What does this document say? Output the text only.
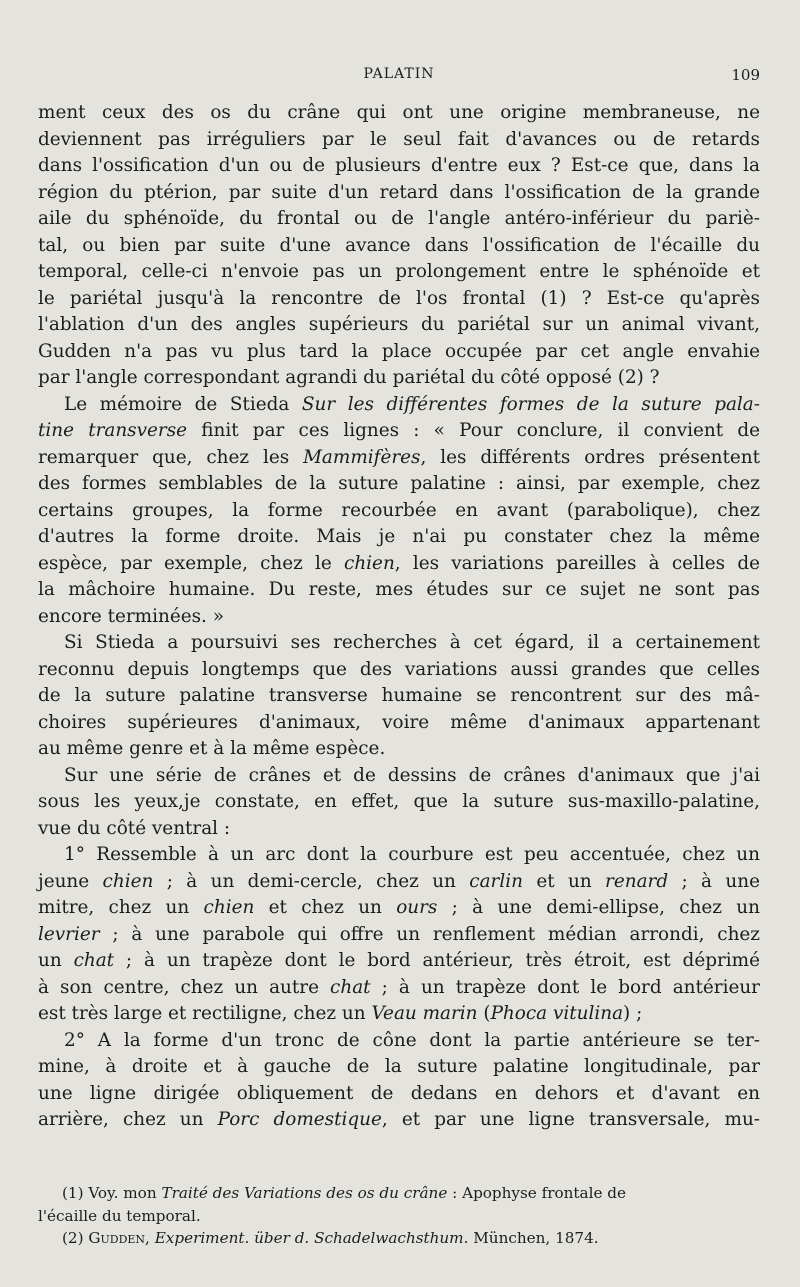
PALATIN	109
ment ceux des os du crâne qui ont une origine membraneuse, ne
deviennent pas irréguliers par le seul fait d'avances ou de retards
dans l'ossification d'un ou de plusieurs d'entre eux ? Est-ce que, dans la
région du ptérion, par suite d'un retard dans l'ossification de la grande
aile du sphénoïde, du frontal ou de l'angle antéro-inférieur du pariè-
tal, ou bien par suite d'une avance dans l'ossification de l'écaille du
temporal, celle-ci n'envoie pas un prolongement entre le sphénoïde et
le pariétal jusqu'à la rencontre de l'os frontal (1) ? Est-ce qu'après
l'ablation d'un des angles supérieurs du pariétal sur un animal vivant,
Gudden n'a pas vu plus tard la place occupée par cet angle envahie
par l'angle correspondant agrandi du pariétal du côté opposé (2) ?
Le mémoire de Stieda Sur les différentes formes de la suture pala-
tine transverse finit par ces lignes : « Pour conclure, il convient de
remarquer que, chez les Mammifères, les différents ordres présentent
des formes semblables de la suture palatine : ainsi, par exemple, chez
certains groupes, la forme recourbée en avant (parabolique), chez
d'autres la forme droite. Mais je n'ai pu constater chez la même
espèce, par exemple, chez le chien, les variations pareilles à celles de
la mâchoire humaine. Du reste, mes études sur ce sujet ne sont pas
encore terminées. »
Si Stieda a poursuivi ses recherches à cet égard, il a certainement
reconnu depuis longtemps que des variations aussi grandes que celles
de la suture palatine transverse humaine se rencontrent sur des mâ-
choires supérieures d'animaux, voire même d'animaux appartenant
au même genre et à la même espèce.
Sur une série de crânes et de dessins de crânes d'animaux que j'ai
sous les yeux,je constate, en effet, que la suture sus-maxillo-palatine,
vue du côté ventral :
1° Ressemble à un arc dont la courbure est peu accentuée, chez un
jeune chien ; à un demi-cercle, chez un carlin et un renard ; à une
mitre, chez un chien et chez un ours ; à une demi-ellipse, chez un
levrier ; à une parabole qui offre un renflement médian arrondi, chez
un chat ; à un trapèze dont le bord antérieur, très étroit, est déprimé
à son centre, chez un autre chat ; à un trapèze dont le bord antérieur
est très large et rectiligne, chez un Veau marin (Phoca vitulina) ;
2° A la forme d'un tronc de cône dont la partie antérieure se ter-
mine, à droite et à gauche de la suture palatine longitudinale, par
une ligne dirigée obliquement de dedans en dehors et d'avant en
arrière, chez un Porc domestique, et par une ligne transversale, mu-
(1) Voy. mon Traité des Variations des os du crâne : Apophyse frontale de
l'écaille du temporal.
(2) Gudden, Experiment. über d. Schadelwachsthum. München, 1874.
